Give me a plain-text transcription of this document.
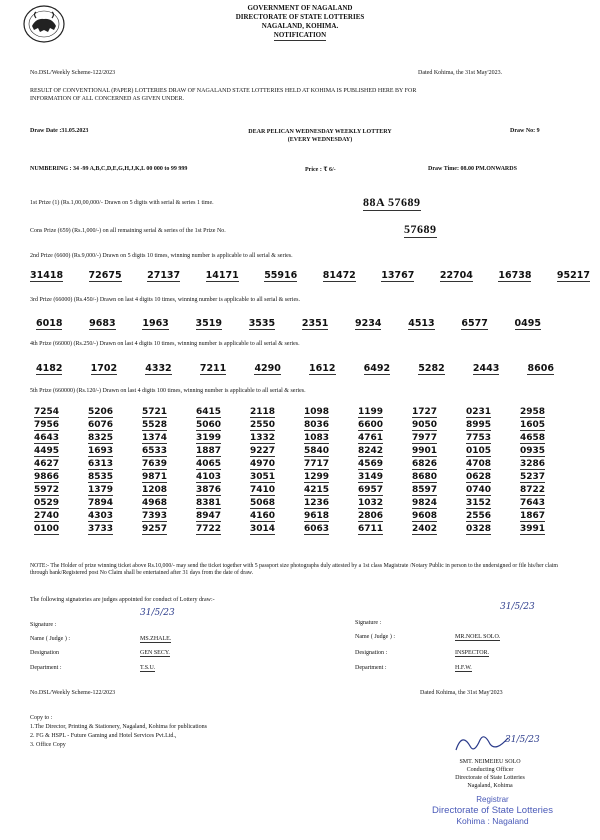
GOVERNMENT OF NAGALAND
DIRECTORATE OF STATE LOTTERIES
NAGALAND, KOHIMA.
NOTIFICATION
No.DSL/Weekly Scheme-122/2023	Dated Kohima, the 31st May'2023.
RESULT OF CONVENTIONAL (PAPER) LOTTERIES DRAW OF NAGALAND STATE LOTTERIES HELD AT KOHIMA IS PUBLISHED HERE BY FOR INFORMATION OF ALL CONCERNED AS GIVEN UNDER.
Draw Date :31.05.2023	DEAR PELICAN WEDNESDAY WEEKLY LOTTERY
(EVERY WEDNESDAY)
Draw No: 9
NUMBERING : 34 -99 A,B,C,D,E,G,H,J,K,L 00 000 to 99 999	Price : ₹ 6/-	Draw Time: 08.00 PM.ONWARDS
1st Prize (1) (Rs.1,00,00,000/- Drawn on 5 digits with serial & series 1 time.	88A 57689
Cons Prize (659) (Rs.1,000/-) on all remaining serial & series of the 1st Prize No.	57689
2nd Prize (6600) (Rs.9,000/-) Drawn on 5 digits 10 times, winning number is applicable to all serial & series.
31418	72675	27137	14171	55916	81472	13767	22704	16738	95217
3rd Prize (66000) (Rs.450/-) Drawn on last 4 digits 10 times, winning number is applicable to all serial & series.
6018	9683	1963	3519	3535	2351	9234	4513	6577	0495
4th Prize (66000) (Rs.250/-) Drawn on last 4 digits 10 times, winning number is applicable to all serial & series.
4182	1702	4332	7211	4290	1612	6492	5282	2443	8606
5th Prize (660000) (Rs.120/-) Drawn on last 4 digits 100 times, winning number is applicable to all serial & series.
7254	5206	5721	6415	2118	1098	1199	1727	0231	2958
7956	6076	5528	5060	2550	8036	6600	9050	8995	1605
4643	8325	1374	3199	1332	1083	4761	7977	7753	4658
4495	1693	6533	1887	9227	5840	8242	9901	0105	0935
4627	6313	7639	4065	4970	7717	4569	6826	4708	3286
9866	8535	9871	4103	3051	1299	3149	8680	0628	5237
5972	1379	1208	3876	7410	4215	6957	8597	0740	8722
0529	7894	4968	8381	5068	1236	1032	9824	3152	7643
2740	4303	7393	8947	4160	9618	2806	9608	2556	1867
0100	3733	9257	7722	3014	6063	6711	2402	0328	3991
NOTE:- The Holder of prize winning ticket above Rs.10,000/- may send the ticket together with 5 passport size photographs duly attested by a 1st class Magistrate /Notary Public in person to the undersigned or file his/her claim through bank/Registered post No Claim shall be entertained after 31 days from the date of draw.
The following signatories are judges appointed for conduct of Lottery draw:-
Signature :
31/5/23
Name ( Judge ) :	MS.ZHALE.
Designation	GEN SECY.
Department :	T.S.U.
Signature :
31/5/23
Name ( Judge ) :	MR.NOEL SOLO.
Designation :	INSPECTOR.
Department :	H.F.W.
No.DSL/Weekly Scheme-122/2023	Dated Kohima, the 31st May'2023
Copy to :
1.The Director, Printing & Stationery, Nagaland, Kohima for publications
2. FG & HSPL - Future Gaming and Hotel Services Pvt.Ltd.,
3. Office Copy	31/5/23
SMT. NEIMEIEU SOLO
Conducting Officer
Directorate of State Lotteries
Nagaland, Kohima
Registrar
Directorate of State Lotteries
Kohima : Nagaland
